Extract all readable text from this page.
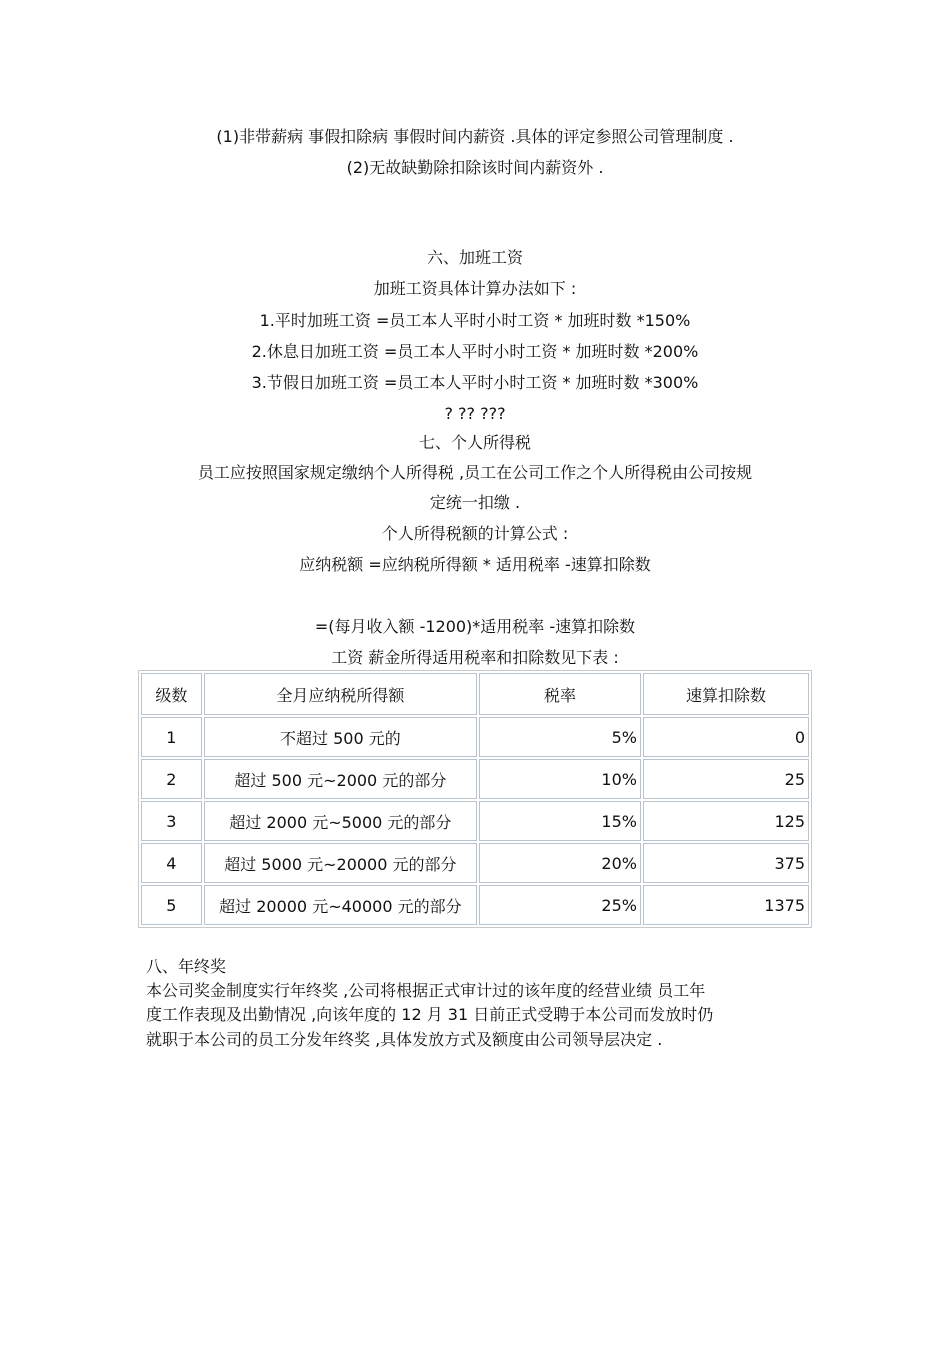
(1)非带薪病 事假扣除病 事假时间内薪资 .具体的评定参照公司管理制度 .
(2)无故缺勤除扣除该时间内薪资外 .
六、加班工资
加班工资具体计算办法如下 :
1.平时加班工资 =员工本人平时小时工资 * 加班时数 *150%
2.休息日加班工资 =员工本人平时小时工资 * 加班时数 *200%
3.节假日加班工资 =员工本人平时小时工资 * 加班时数 *300%
? ?? ???
七、个人所得税
员工应按照国家规定缴纳个人所得税 ,员工在公司工作之个人所得税由公司按规
定统一扣缴 .
个人所得税额的计算公式 :
应纳税额 =应纳税所得额 * 适用税率 -速算扣除数
=(每月收入额 -1200)*适用税率 -速算扣除数
工资 薪金所得适用税率和扣除数见下表 :
级数	全月应纳税所得额	税率	速算扣除数
1	不超过 500 元的	5%	0
2	超过 500 元~2000 元的部分	10%	25
3	超过 2000 元~5000 元的部分	15%	125
4	超过 5000 元~20000 元的部分	20%	375
5	超过 20000 元~40000 元的部分	25%	1375
八、年终奖
本公司奖金制度实行年终奖 ,公司将根据正式审计过的该年度的经营业绩 员工年
度工作表现及出勤情况 ,向该年度的 12 月 31 日前正式受聘于本公司而发放时仍
就职于本公司的员工分发年终奖 ,具体发放方式及额度由公司领导层决定 .
